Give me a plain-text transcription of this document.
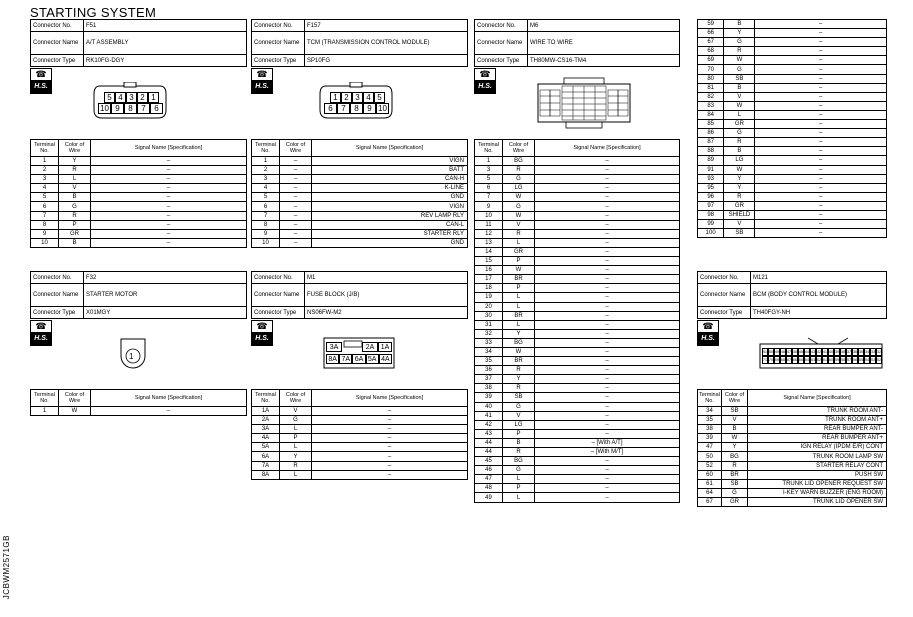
STARTING SYSTEM
JCBWM2571GB
Connector No.	F51
Connector Name	A/T ASSEMBLY
Connector Type	RK10FG-DGY
Connector No.	F157
Connector Name	TCM (TRANSMISSION CONTROL MODULE)
Connector Type	SP10FG
Connector No.	M6
Connector Name	WIRE TO WIRE
Connector Type	TH80MW-CS16-TM4
Connector No.	F32
Connector Name	STARTER MOTOR
Connector Type	X01MGY
Connector No.	M1
Connector Name	FUSE BLOCK (J/B)
Connector Type	NS06FW-M2
Connector No.	M121
Connector Name	BCM (BODY CONTROL MODULE)
Connector Type	TH40FGY-NH
☎
H.S.
☎
H.S.
☎
H.S.
☎
H.S.
☎
H.S.
☎
H.S.
5 4 3 2 1
10 9	8	7	6
1 2 3 4 5
6	7	8	9 10
1
3A	2A 1A
8A 7A 6A 5A 4A
51 50 49 48 47 46 45 44 43 42 41 40 39 38 37 36 35 34 33 32
71 70 69 68 67 66 65 64 63 62 61 60 59 58 57 56 55 54 53 52
Terminal No.	Color of Wire	Signal Name [Specification]
1	Y	–
2	R	–
3	L	–
4	V	–
5	B	–
6	G	–
7	R	–
8	P	–
9	GR	–
10	B	–
Terminal No.	Color of Wire	Signal Name [Specification]
1	–	VIGN
2	–	BATT
3	–	CAN-H
4	–	K-LINE
5	–	GND
6	–	VIGN
7	–	REV LAMP RLY
8	–	CAN-L
9	–	STARTER RLY
10	–	GND
Terminal No.	Color of Wire	Signal Name [Specification]
1	BG	–
3	R	–
5	G	–
6	LG	–
7	W	–
9	G	–
10	W	–
11	V	–
12	R	–
13	L	–
14	GR	–
15	P	–
16	W	–
17	BR	–
18	P	–
19	L	–
20	L	–
30	BR	–
31	L	–
32	Y	–
33	BG	–
34	W	–
35	BR	–
36	R	–
37	Y	–
38	R	–
39	SB	–
40	G	–
41	V	–
42	LG	–
43	P	–
44	B	– [With A/T]
44	R	– [With M/T]
45	BG	–
46	G	–
47	L	–
48	P	–
49	L	–
59	B	–
66	Y	–
67	G	–
68	R	–
69	W	–
70	G	–
80	SB	–
81	B	–
82	V	–
83	W	–
84	L	–
85	GR	–
86	G	–
87	R	–
88	B	–
89	LG	–
91	W	–
93	Y	–
95	Y	–
96	R	–
97	GR	–
98	SHIELD	–
99	V	–
100	SB	–
Terminal No.	Color of Wire	Signal Name [Specification]
1	W	–
Terminal No.	Color of Wire	Signal Name [Specification]
1A	V	–
2A	G	–
3A	L	–
4A	P	–
5A	L	–
6A	Y	–
7A	R	–
8A	L	–
Terminal No.	Color of Wire	Signal Name [Specification]
34	SB	TRUNK ROOM ANT-
35	V	TRUNK ROOM ANT+
38	B	REAR BUMPER ANT-
39	W	REAR BUMPER ANT+
47	Y	IGN RELAY (IPDM E/R) CONT
50	BG	TRUNK ROOM LAMP SW
52	R	STARTER RELAY CONT
60	BR	PUSH SW
61	SB	TRUNK LID OPENER REQUEST SW
64	G	I-KEY WARN BUZZER (ENG ROOM)
67	GR	TRUNK LID OPENER SW
